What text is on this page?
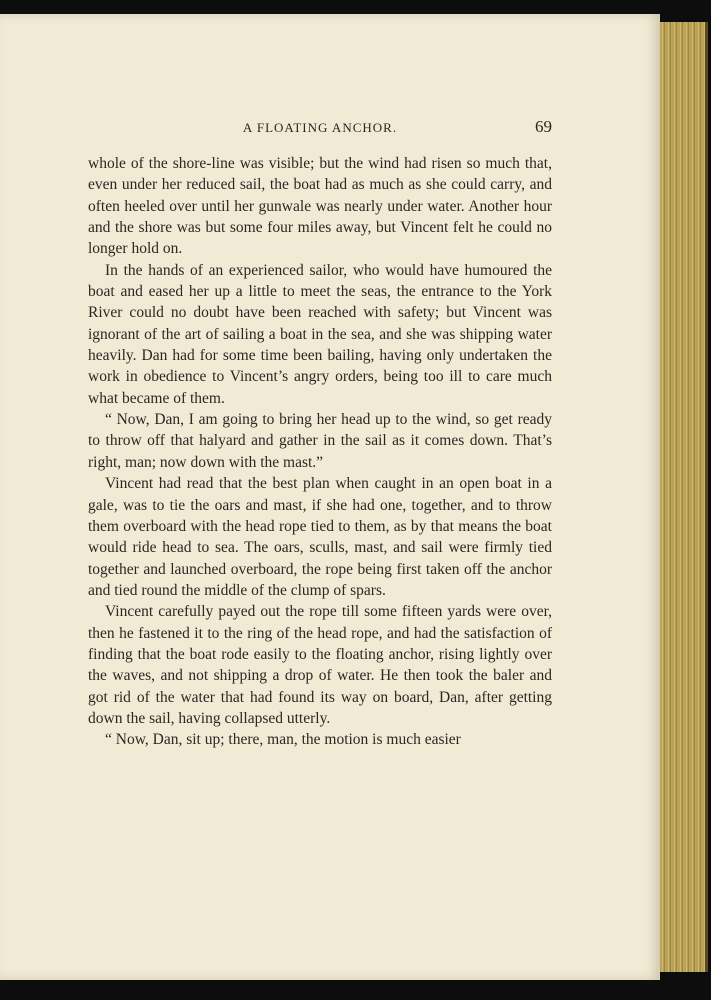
A FLOATING ANCHOR.	69

whole of the shore-line was visible; but the wind had risen so much that, even under her reduced sail, the boat had as much as she could carry, and often heeled over until her gunwale was nearly under water. Another hour and the shore was but some four miles away, but Vincent felt he could no longer hold on.

In the hands of an experienced sailor, who would have humoured the boat and eased her up a little to meet the seas, the entrance to the York River could no doubt have been reached with safety; but Vincent was ignorant of the art of sailing a boat in the sea, and she was shipping water heavily. Dan had for some time been bailing, having only undertaken the work in obedience to Vincent’s angry orders, being too ill to care much what became of them.

“ Now, Dan, I am going to bring her head up to the wind, so get ready to throw off that halyard and gather in the sail as it comes down. That’s right, man; now down with the mast.”

Vincent had read that the best plan when caught in an open boat in a gale, was to tie the oars and mast, if she had one, together, and to throw them overboard with the head rope tied to them, as by that means the boat would ride head to sea. The oars, sculls, mast, and sail were firmly tied together and launched overboard, the rope being first taken off the anchor and tied round the middle of the clump of spars.

Vincent carefully payed out the rope till some fifteen yards were over, then he fastened it to the ring of the head rope, and had the satisfaction of finding that the boat rode easily to the floating anchor, rising lightly over the waves, and not shipping a drop of water. He then took the baler and got rid of the water that had found its way on board, Dan, after getting down the sail, having collapsed utterly.

“ Now, Dan, sit up; there, man, the motion is much easier
